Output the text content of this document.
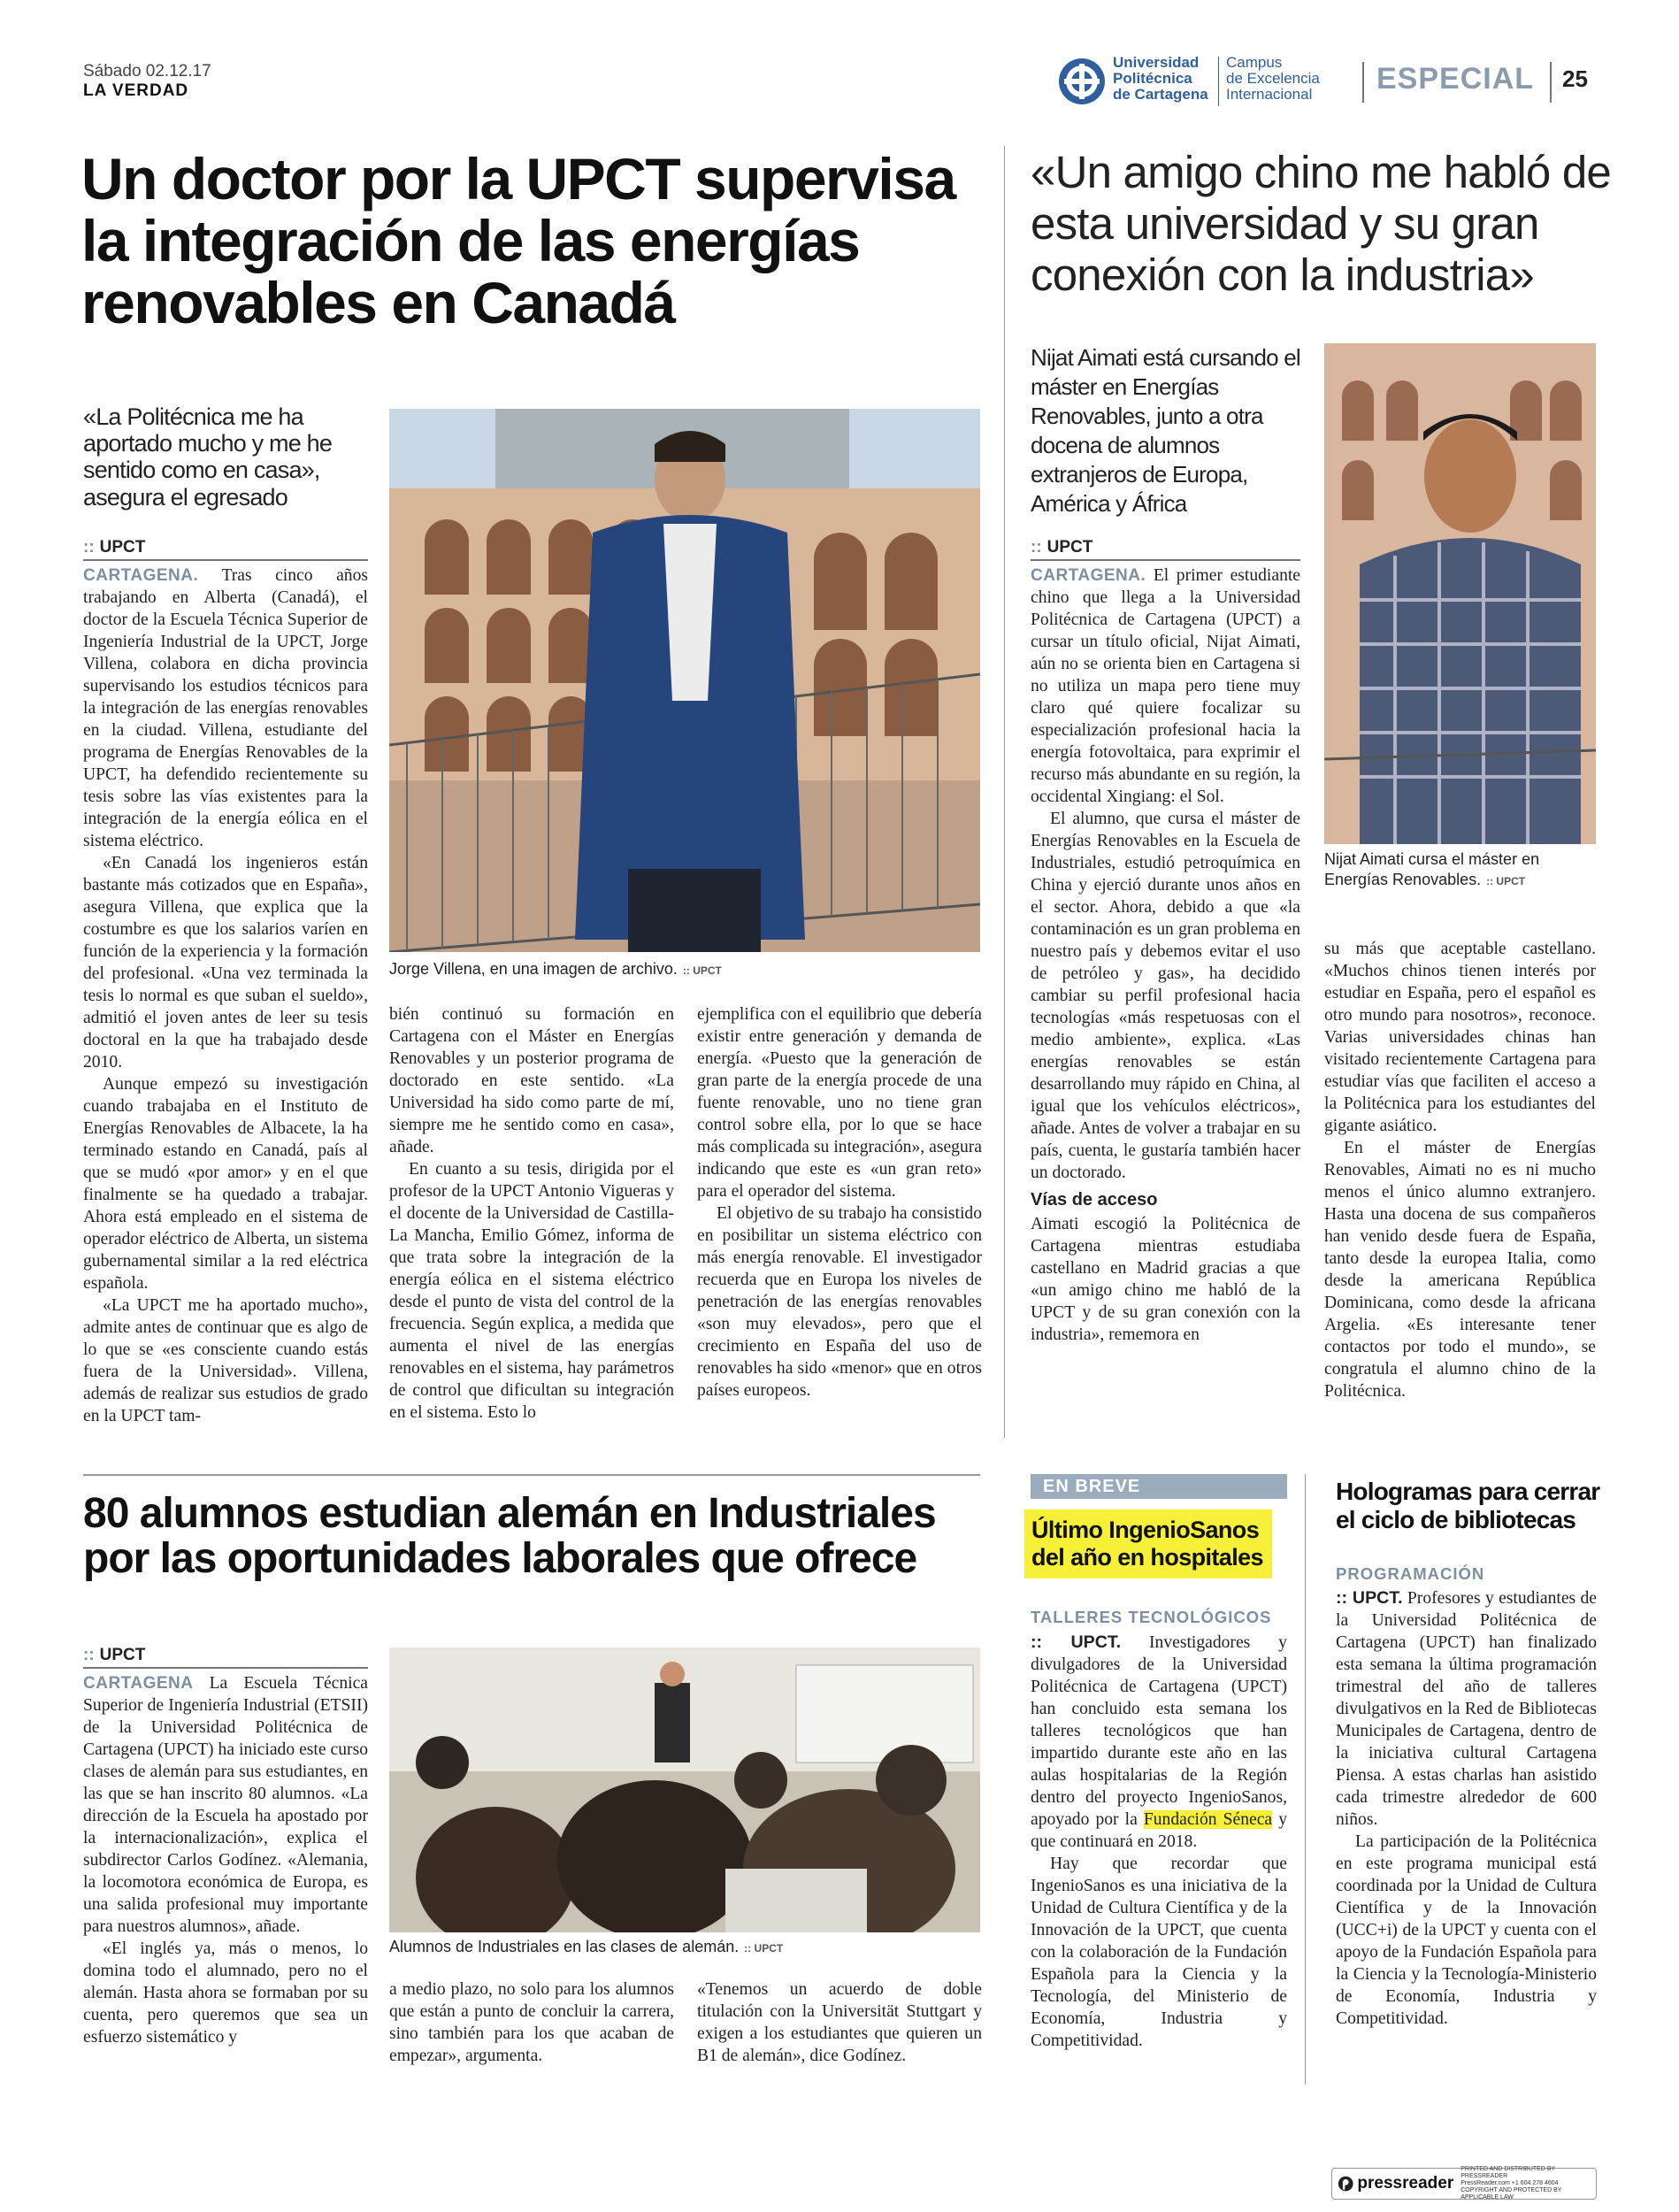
Sábado 02.12.17
LA VERDAD
Universidad
Politécnica
de Cartagena
Campus
de Excelencia
Internacional ESPECIAL 25
Un doctor por la UPCT supervisa la integración de las energías renovables en Canadá
«La Politécnica me ha aportado mucho y me he sentido como en casa», asegura el egresado
:: UPCT

CARTAGENA. Tras cinco años trabajando en Alberta (Canadá), el doctor de la Escuela Técnica Superior de Ingeniería Industrial de la UPCT, Jorge Villena, colabora en dicha provincia supervisando los estudios técnicos para la integración de las energías renovables en la ciudad. Villena, estudiante del programa de Energías Renovables de la UPCT, ha defendido recientemente su tesis sobre las vías existentes para la integración de la energía eólica en el sistema eléctrico.

«En Canadá los ingenieros están bastante más cotizados que en España», asegura Villena, que explica que la costumbre es que los salarios varíen en función de la experiencia y la formación del profesional. «Una vez terminada la tesis lo normal es que suban el sueldo», admitió el joven antes de leer su tesis doctoral en la que ha trabajado desde 2010.

Aunque empezó su investigación cuando trabajaba en el Instituto de Energías Renovables de Albacete, la ha terminado estando en Canadá, país al que se mudó «por amor» y en el que finalmente se ha quedado a trabajar. Ahora está empleado en el sistema de operador eléctrico de Alberta, un sistema gubernamental similar a la red eléctrica española.

«La UPCT me ha aportado mucho», admite antes de continuar que es algo de lo que se «es consciente cuando estás fuera de la Universidad». Villena, además de realizar sus estudios de grado en la UPCT tam-

Jorge Villena, en una imagen de archivo. :: UPCT

bién continuó su formación en Cartagena con el Máster en Energías Renovables y un posterior programa de doctorado en este sentido. «La Universidad ha sido como parte de mí, siempre me he sentido como en casa», añade.

En cuanto a su tesis, dirigida por el profesor de la UPCT Antonio Vigueras y el docente de la Universidad de Castilla-La Mancha, Emilio Gómez, informa de que trata sobre la integración de la energía eólica en el sistema eléctrico desde el punto de vista del control de la frecuencia. Según explica, a medida que aumenta el nivel de las energías renovables en el sistema, hay parámetros de control que dificultan su integración en el sistema. Esto lo

ejemplifica con el equilibrio que debería existir entre generación y demanda de energía. «Puesto que la generación de gran parte de la energía procede de una fuente renovable, uno no tiene gran control sobre ella, por lo que se hace más complicada su integración», asegura indicando que este es «un gran reto» para el operador del sistema.

El objetivo de su trabajo ha consistido en posibilitar un sistema eléctrico con más energía renovable. El investigador recuerda que en Europa los niveles de penetración de las energías renovables «son muy elevados», pero que el crecimiento en España del uso de renovables ha sido «menor» que en otros países europeos.

«Un amigo chino me habló de esta universidad y su gran conexión con la industria»
Nijat Aimati está cursando el máster en Energías Renovables, junto a otra docena de alumnos extranjeros de Europa, América y África
Nijat Aimati cursa el máster en Energías Renovables. :: UPCT
:: UPCT

CARTAGENA. El primer estudiante chino que llega a la Universidad Politécnica de Cartagena (UPCT) a cursar un título oficial, Nijat Aimati, aún no se orienta bien en Cartagena si no utiliza un mapa pero tiene muy claro qué quiere focalizar su especialización profesional hacia la energía fotovoltaica, para exprimir el recurso más abundante en su región, la occidental Xingiang: el Sol.

El alumno, que cursa el máster de Energías Renovables en la Escuela de Industriales, estudió petroquímica en China y ejerció durante unos años en el sector. Ahora, debido a que «la contaminación es un gran problema en nuestro país y debemos evitar el uso de petróleo y gas», ha decidido cambiar su perfil profesional hacia tecnologías «más respetuosas con el medio ambiente», explica. «Las energías renovables se están desarrollando muy rápido en China, al igual que los vehículos eléctricos», añade. Antes de volver a trabajar en su país, cuenta, le gustaría también hacer un doctorado.

Vías de acceso

Aimati escogió la Politécnica de Cartagena mientras estudiaba castellano en Madrid gracias a que «un amigo chino me habló de la UPCT y de su gran conexión con la industria», rememora en

su más que aceptable castellano. «Muchos chinos tienen interés por estudiar en España, pero el español es otro mundo para nosotros», reconoce. Varias universidades chinas han visitado recientemente Cartagena para estudiar vías que faciliten el acceso a la Politécnica para los estudiantes del gigante asiático.

En el máster de Energías Renovables, Aimati no es ni mucho menos el único alumno extranjero. Hasta una docena de sus compañeros han venido desde fuera de España, tanto desde la europea Italia, como desde la americana República Dominicana, como desde la africana Argelia. «Es interesante tener contactos por todo el mundo», se congratula el alumno chino de la Politécnica.

80 alumnos estudian alemán en Industriales por las oportunidades laborales que ofrece
:: UPCT

CARTAGENA La Escuela Técnica Superior de Ingeniería Industrial (ETSII) de la Universidad Politécnica de Cartagena (UPCT) ha iniciado este curso clases de alemán para sus estudiantes, en las que se han inscrito 80 alumnos. «La dirección de la Escuela ha apostado por la internacionalización», explica el subdirector Carlos Godínez. «Alemania, la locomotora económica de Europa, es una salida profesional muy importante para nuestros alumnos», añade.

«El inglés ya, más o menos, lo domina todo el alumnado, pero no el alemán. Hasta ahora se formaban por su cuenta, pero queremos que sea un esfuerzo sistemático y

Alumnos de Industriales en las clases de alemán. :: UPCT

a medio plazo, no solo para los alumnos que están a punto de concluir la carrera, sino también para los que acaban de empezar», argumenta.

«Tenemos un acuerdo de doble titulación con la Universität Stuttgart y exigen a los estudiantes que quieren un B1 de alemán», dice Godínez.

EN BREVE
Último IngenioSanos del año en hospitales
TALLERES TECNOLÓGICOS

:: UPCT. Investigadores y divulgadores de la Universidad Politécnica de Cartagena (UPCT) han concluido esta semana los talleres tecnológicos que han impartido durante este año en las aulas hospitalarias de la Región dentro del proyecto IngenioSanos, apoyado por la Fundación Séneca y que continuará en 2018.

Hay que recordar que IngenioSanos es una iniciativa de la Unidad de Cultura Científica y de la Innovación de la UPCT, que cuenta con la colaboración de la Fundación Española para la Ciencia y la Tecnología, del Ministerio de Economía, Industria y Competitividad.

Hologramas para cerrar el ciclo de bibliotecas
PROGRAMACIÓN

:: UPCT. Profesores y estudiantes de la Universidad Politécnica de Cartagena (UPCT) han finalizado esta semana la última programación trimestral del año de talleres divulgativos en la Red de Bibliotecas Municipales de Cartagena, dentro de la iniciativa cultural Cartagena Piensa. A estas charlas han asistido cada trimestre alrededor de 600 niños.

La participación de la Politécnica en este programa municipal está coordinada por la Unidad de Cultura Científica y de la Innovación (UCC+i) de la UPCT y cuenta con el apoyo de la Fundación Española para la Ciencia y la Tecnología-Ministerio de Economía, Industria y Competitividad.

pressreader
PRINTED AND DISTRIBUTED BY PRESSREADER
PressReader.com +1 604 278 4604
COPYRIGHT AND PROTECTED BY APPLICABLE LAW
